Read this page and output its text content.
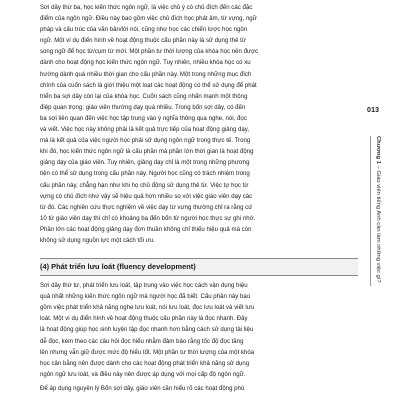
Sơi dây thừ ba, học kiến thức ngôn ngữ, là việc chủ ý có chủ đích đến các đặc
điểm của ngôn ngữ. Điều này bao gồm việc chủ đích học phát âm, từ vựng, ngữ
pháp và cấu trúc của văn bản/lời nói, cũng như học các chiến lược học ngôn
ngữ. Một ví dụ điển hình về hoạt động thuộc cấu phần này là sử dụng thẻ từ
song ngữ để học từ/cụm từ mới. Một phần tư thời lượng của khóa học nên được
dành cho hoạt động học kiến thức ngôn ngữ. Tuy nhiên, nhiều khóa học có xu
hướng dành quá nhiều thời gian cho cấu phần này. Một trong những mục đích
chính của cuốn sách là giới thiệu một loạt các hoạt động có thể sử dụng để phát
triển ba sợi dây còn lại của khóa học. Cuốn sách cũng nhấn mạnh một thông
điệp quan trọng: giáo viên thường dạy quá nhiều. Trong bốn sợi dây, có đến
ba sợi liên quan đến việc học tập trung vào ý nghĩa thông qua nghe, nói, đọc
và viết. Việc học này không phải là kết quả trực tiếp của hoạt động giảng dạy,
mà là kết quả của việc người học phải sử dụng ngôn ngữ trong thực tế. Trong
khi đó, học kiến thức ngôn ngữ là cấu phần mà phần lớn thời gian là hoạt động
giảng dạy của giáo viên. Tuy nhiên, giảng dạy chỉ là một trong những phương
tiện có thể sử dụng trong cấu phần này. Người học cũng có trách nhiệm trong
cấu phần này, chẳng hạn như khi họ chủ động sử dụng thẻ từ. Việc tự học từ
vựng có chủ đích như vậy sẽ hiệu quả hơn nhiều so với việc giáo viên dạy các
từ đó. Các nghiên cứu thực nghiệm về việc dạy từ vựng thường chỉ ra rằng cứ
10 từ giáo viên dạy thì chỉ có khoảng ba đến bốn từ người học thực sự ghi nhớ.
Phần lớn các hoạt động giảng dạy đơn thuần không chỉ thiếu hiệu quả mà còn
không sử dụng nguồn lực một cách tối ưu.

(4) Phát triển lưu loát (fluency development)

Sơi dây thừ tư, phát triển lưu loát, tập trung vào việc học cách vận dụng hiệu
quả nhất những kiến thức ngôn ngữ mà người học đã biết. Cấu phần này bao
gồm việc phát triển khả năng nghe lưu loát, nói lưu loát, đọc lưu loát và viết lưu
loát. Một ví dụ điển hình về hoạt động thuộc cấu phần này là đọc nhanh. Đây
là hoạt động giúp học sinh luyện tập đọc nhanh hơn bằng cách sử dụng tài liệu
dễ đọc, kèm theo các câu hỏi đọc hiểu nhằm đảm bảo rằng tốc độ đọc tăng
lên nhưng vẫn giữ được mức độ hiểu tốt. Một phần tư thời lượng của một khóa
học cân bằng nên được dành cho các hoạt động phát triển khả năng sử dụng
ngôn ngữ lưu loát, và điều này nên được áp dụng với mọi cấp độ ngôn ngữ.

Để áp dụng nguyên lý Bốn sợi dây, giáo viên cần hiểu rõ các hoạt động phù

013
Chương 1 – Giáo viên tiếng Anh cần làm những việc gì?
